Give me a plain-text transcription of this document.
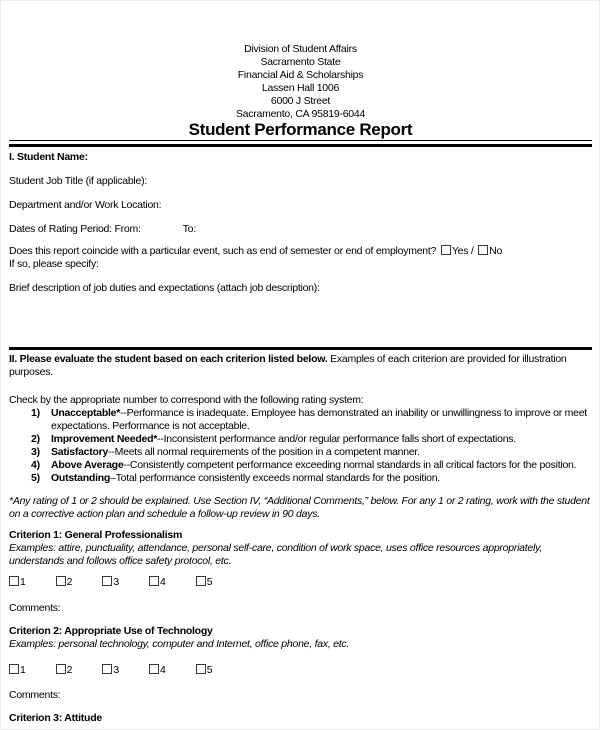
Division of Student Affairs
Sacramento State
Financial Aid & Scholarships
Lassen Hall 1006
6000 J Street
Sacramento, CA 95819-6044
Student Performance Report
I. Student Name:
Student Job Title (if applicable):
Department and/or Work Location:
Dates of Rating Period: From:	To:
Does this report coincide with a particular event, such as end of semester or end of employment? Yes / No
If so, please specify:
Brief description of job duties and expectations (attach job description):
II. Please evaluate the student based on each criterion listed below. Examples of each criterion are provided for illustration purposes.
Check by the appropriate number to correspond with the following rating system:
1)	Unacceptable*--Performance is inadequate. Employee has demonstrated an inability or unwillingness to improve or meet expectations. Performance is not acceptable.
2)	Improvement Needed*--Inconsistent performance and/or regular performance falls short of expectations.
3)	Satisfactory--Meets all normal requirements of the position in a competent manner.
4)	Above Average--Consistently competent performance exceeding normal standards in all critical factors for the position.
5)	Outstanding–Total performance consistently exceeds normal standards for the position.
*Any rating of 1 or 2 should be explained. Use Section IV, “Additional Comments,” below. For any 1 or 2 rating, work with the student on a corrective action plan and schedule a follow-up review in 90 days.
Criterion 1: General Professionalism
Examples: attire, punctuality, attendance, personal self-care, condition of work space, uses office resources appropriately, understands and follows office safety protocol, etc.
1	2	3	4	5
Comments:
Criterion 2: Appropriate Use of Technology
Examples: personal technology, computer and Internet, office phone, fax, etc.
1	2	3	4	5
Comments:
Criterion 3: Attitude
